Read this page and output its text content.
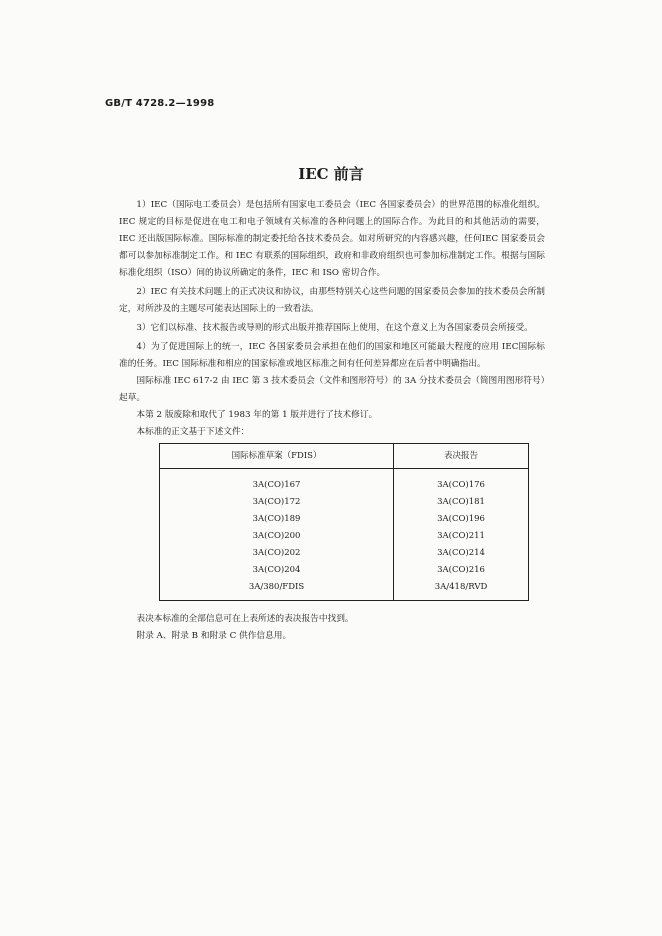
GB/T 4728.2—1998
IEC 前言

1）IEC（国际电工委员会）是包括所有国家电工委员会（IEC 各国家委员会）的世界范围的标准化组织。IEC 规定的目标是促进在电工和电子领域有关标准的各种问题上的国际合作。为此目的和其他活动的需要，IEC 还出版国际标准。国际标准的制定委托给各技术委员会。如对所研究的内容感兴趣，任何IEC 国家委员会都可以参加标准制定工作。和 IEC 有联系的国际组织，政府和非政府组织也可参加标准制定工作。根据与国际标准化组织（ISO）间的协议所确定的条件，IEC 和 ISO 密切合作。

2）IEC 有关技术问题上的正式决议和协议，由那些特别关心这些问题的国家委员会参加的技术委员会所制定，对所涉及的主题尽可能表达国际上的一致看法。

3）它们以标准、技术报告或导则的形式出版并推荐国际上使用，在这个意义上为各国家委员会所接受。

4）为了促进国际上的统一，IEC 各国家委员会承担在他们的国家和地区可能最大程度的应用 IEC国际标准的任务。IEC 国际标准和相应的国家标准或地区标准之间有任何差异都应在后者中明确指出。

国际标准 IEC 617-2 由 IEC 第 3 技术委员会（文件和图形符号）的 3A 分技术委员会（简图用图形符号）起草。

本第 2 版废除和取代了 1983 年的第 1 版并进行了技术修订。

本标准的正文基于下述文件：

国际标准草案（FDIS）	表决报告
3A(CO)167	3A(CO)176
3A(CO)172	3A(CO)181
3A(CO)189	3A(CO)196
3A(CO)200	3A(CO)211
3A(CO)202	3A(CO)214
3A(CO)204	3A(CO)216
3A/380/FDIS	3A/418/RVD

表决本标准的全部信息可在上表所述的表决报告中找到。

附录 A、附录 B 和附录 C 供作信息用。
